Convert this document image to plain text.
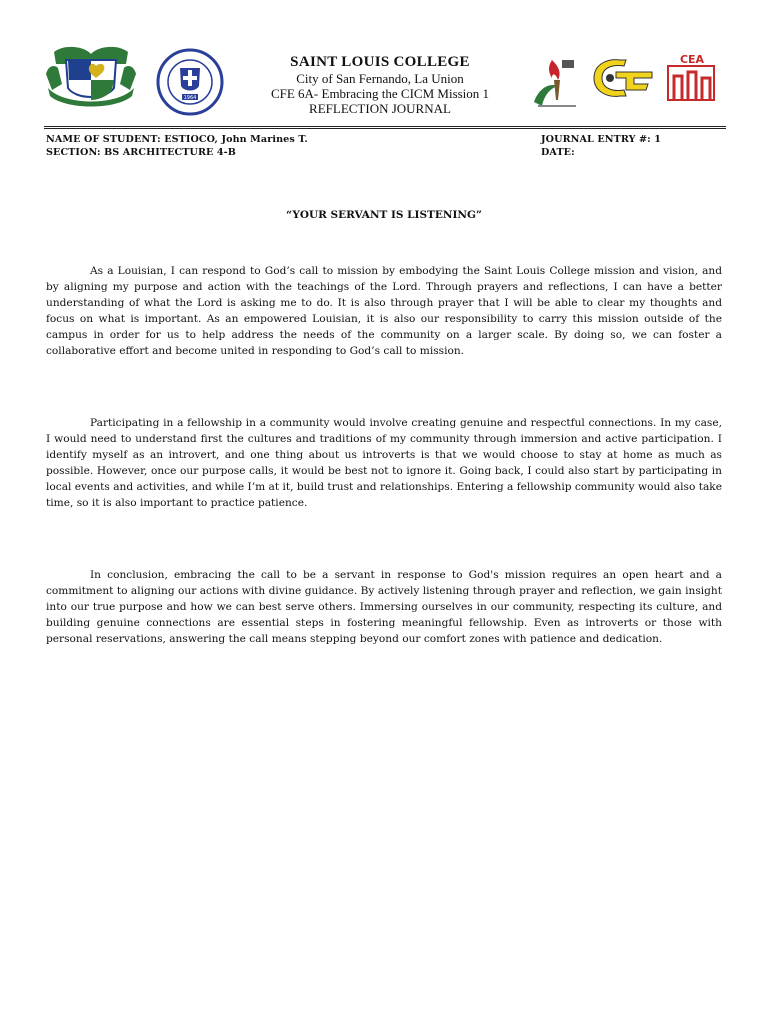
1964
CEA
SAINT LOUIS COLLEGE
City of San Fernando, La Union
CFE 6A- Embracing the CICM Mission 1
REFLECTION JOURNAL
NAME OF STUDENT: ESTIOCO, John Marines T.
SECTION: BS ARCHITECTURE 4-B
JOURNAL ENTRY #: 1
DATE:
“YOUR SERVANT IS LISTENING”
As a Louisian, I can respond to God’s call to mission by embodying the Saint Louis College mission and vision, and by aligning my purpose and action with the teachings of the Lord. Through prayers and reflections, I can have a better understanding of what the Lord is asking me to do. It is also through prayer that I will be able to clear my thoughts and focus on what is important. As an empowered Louisian, it is also our responsibility to carry this mission outside of the campus in order for us to help address the needs of the community on a larger scale. By doing so, we can foster a collaborative effort and become united in responding to God’s call to mission.
Participating in a fellowship in a community would involve creating genuine and respectful connections. In my case, I would need to understand first the cultures and traditions of my community through immersion and active participation. I identify myself as an introvert, and one thing about us introverts is that we would choose to stay at home as much as possible. However, once our purpose calls, it would be best not to ignore it. Going back, I could also start by participating in local events and activities, and while I’m at it, build trust and relationships. Entering a fellowship community would also take time, so it is also important to practice patience.
In conclusion, embracing the call to be a servant in response to God's mission requires an open heart and a commitment to aligning our actions with divine guidance. By actively listening through prayer and reflection, we gain insight into our true purpose and how we can best serve others. Immersing ourselves in our community, respecting its culture, and building genuine connections are essential steps in fostering meaningful fellowship. Even as introverts or those with personal reservations, answering the call means stepping beyond our comfort zones with patience and dedication.
